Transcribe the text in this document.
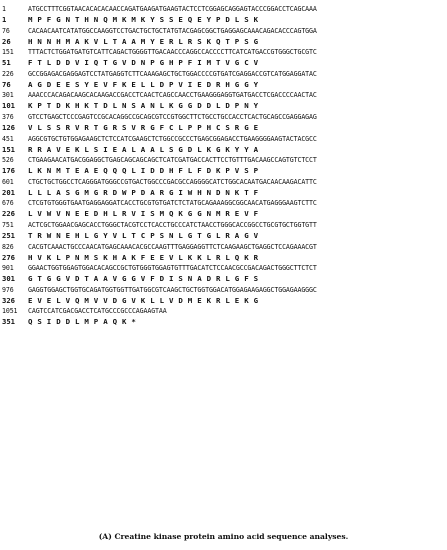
1	ATGCCTTTCGGTAACACACACAACCAGATGAAGATGAAGTACTCCTCGGAGCAGGAGTACCCGGACCTCAGCAAA
1	MPFGNTHNQMKMKYSSEQEYPDLSK
76	CACAACAATCATATGGCCAAGGTCCTGACTGCTGCTATGTACGAGCGGCTGAGGAGCAAACAGACACCCAGTGGA
26	HNNHMAKVLTAAMYERLRSKQTPSG
151	TTTACTCTGGATGATGTCATTCAGACTGGGGTTGACAACCCAGGCCACCCCTTCATCATGACCGTGGGCTGCGTC
51	FTLDDVIQTGVDNPGHPFIMTVGCV
226	GCCGGAGACGAGGAGTCCTATGAGGTCTTCAAAGAGCTGCTGGACCCCGTGATCGAGGACCGTCATGGAGGATAC
76	AGDEESYEVFKELLDPVIEDRHGGY
301	AAACCCACAGACAAGCACAAGACCGACCTCAACTCAGCCAACCTGAAGGGAGGTGATGACCTCGACCCCAACTAC
101	KPTDKHKTDLNSANLKGGDDLDPNY
376	GTCCTGAGCTCCCGAGTCCGCACAGGCCGCAGCGTCCGTGGCTTCTGCCTGCCACCTCACTGCAGCCGAGGAGAG
126	VLSSRVRTGRSVRGFCLPPHCSRGE
451	AGGCGTGCTGTGGAGAAGCTCTCCATCGAAGCTCTGGCCGCCCTGAGCGGAGACCTGAAGGGGAAGTACTACGCC
151	RRAVEKLSIEALAALSGDLKGKYYA
526	CTGAAGAACATGACGGAGGCTGAGCAGCAGCAGCTCATCGATGACCACTTCCTGTTTGACAAGCCAGTGTCTCCT
176	LKNMTEAEQQQLIDDHFLFDKPVSP
601	CTGCTGCTGGCCTCAGGGATGGGCCGTGACTGGCCCGACGCCAGGGGCATCTGGCACAATGACAACAAGACATTC
201	LLLASGMGRDWPDARGIWHNDNKTF
676	CTCGTGTGGGTGAATGAGGAGGATCACCTGCGTGTGATCTCTATGCAGAAAGGCGGCAACATGAGGGAAGTCTTC
226	LVWVNEEDHLRVISMQKGGNMREVF
751	ACTCGCTGGAACGAGCACCTGGGCTACGTCCTCACCTGCCCATCTAACCTGGGCACCGGCCTGCGTGCTGGTGTT
251	TRWNEHLGYVLTCPSNLGTGLRAGV
826	CACGTCAAACTGCCCAACATGAGCAAACACGCCAAGTTTGAGGAGGTTCTCAAGAAGCTGAGGCTCCAGAAACGT
276	HVKLPNMSKHAKFEEVLKKLRLQKR
901	GGAACTGGTGGAGTGGACACAGCCGCTGTGGGTGGAGTGTTTGACATCTCCAACGCCGACAGACTGGGCTTCTCT
301	GTGGVDTAAVGGVFDISNADRLGFS
976	GAGGTGGAGCTGGTGCAGATGGTGGTTGATGGCGTCAAGCTGCTGGTGGACATGGAGAAGAGGCTGGAGAAGGGC
326	EVELVQMVVDGVKLLVDMEKRLEKG
1051	CAGTCCATCGACGACCTCATGCCCGCCCAGAAGTAA
351	QSIDDLMPAQK*
(A) Creatine kinase protein amino acid sequence analyses.
